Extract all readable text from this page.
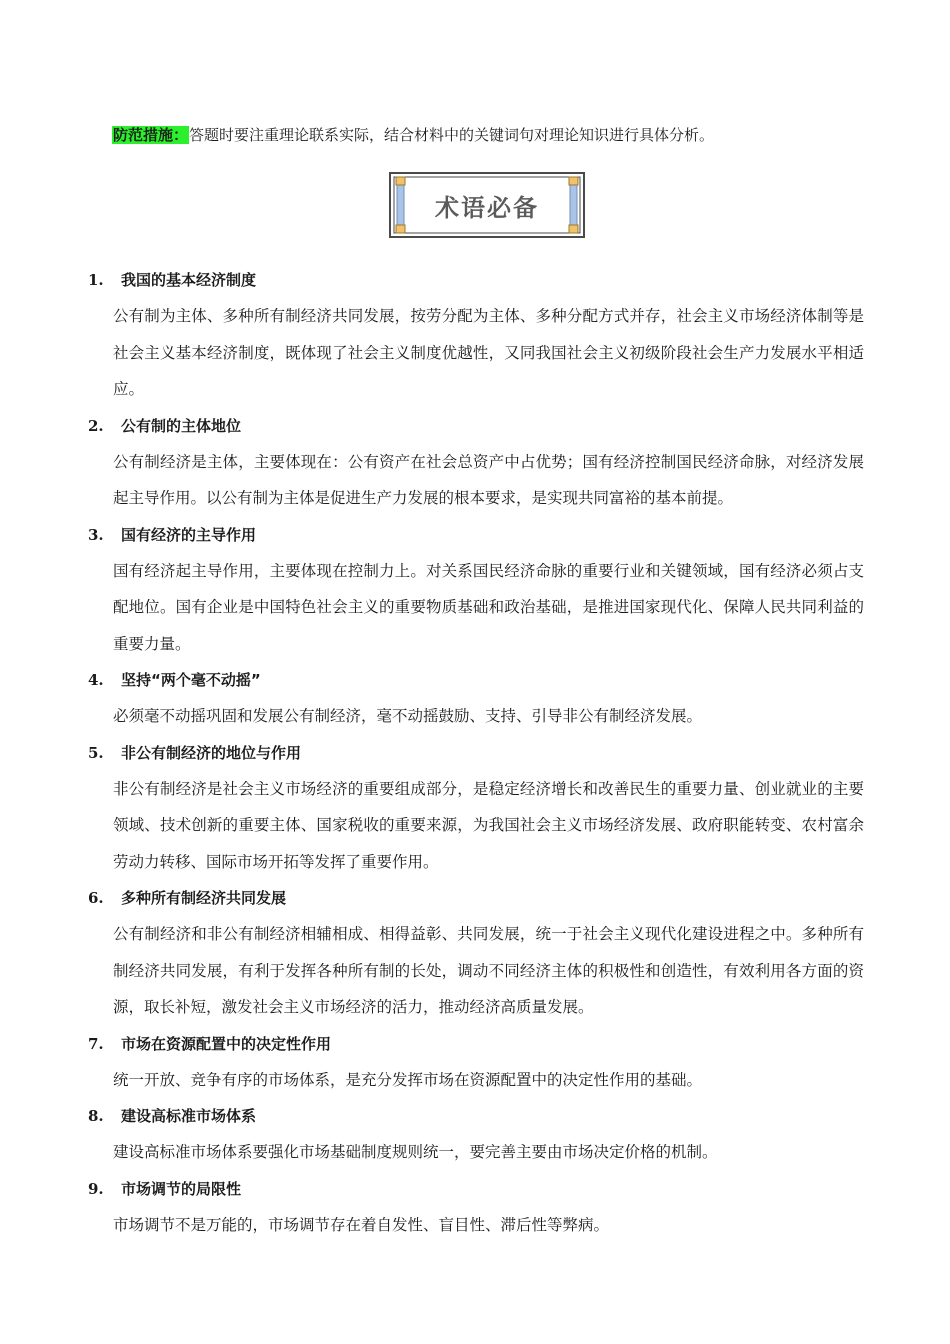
防范措施：答题时要注重理论联系实际，结合材料中的关键词句对理论知识进行具体分析。
术语必备
1. 我国的基本经济制度

公有制为主体、多种所有制经济共同发展，按劳分配为主体、多种分配方式并存，社会主义市场经济体制等是社会主义基本经济制度，既体现了社会主义制度优越性，又同我国社会主义初级阶段社会生产力发展水平相适应。

2. 公有制的主体地位

公有制经济是主体，主要体现在：公有资产在社会总资产中占优势；国有经济控制国民经济命脉，对经济发展起主导作用。以公有制为主体是促进生产力发展的根本要求，是实现共同富裕的基本前提。

3. 国有经济的主导作用

国有经济起主导作用，主要体现在控制力上。对关系国民经济命脉的重要行业和关键领域，国有经济必须占支配地位。国有企业是中国特色社会主义的重要物质基础和政治基础，是推进国家现代化、保障人民共同利益的重要力量。

4. 坚持“两个毫不动摇”

必须毫不动摇巩固和发展公有制经济，毫不动摇鼓励、支持、引导非公有制经济发展。

5. 非公有制经济的地位与作用

非公有制经济是社会主义市场经济的重要组成部分，是稳定经济增长和改善民生的重要力量、创业就业的主要领域、技术创新的重要主体、国家税收的重要来源，为我国社会主义市场经济发展、政府职能转变、农村富余劳动力转移、国际市场开拓等发挥了重要作用。

6. 多种所有制经济共同发展

公有制经济和非公有制经济相辅相成、相得益彰、共同发展，统一于社会主义现代化建设进程之中。多种所有制经济共同发展，有利于发挥各种所有制的长处，调动不同经济主体的积极性和创造性，有效利用各方面的资源，取长补短，激发社会主义市场经济的活力，推动经济高质量发展。

7. 市场在资源配置中的决定性作用

统一开放、竞争有序的市场体系，是充分发挥市场在资源配置中的决定性作用的基础。

8. 建设高标准市场体系

建设高标准市场体系要强化市场基础制度规则统一，要完善主要由市场决定价格的机制。

9. 市场调节的局限性

市场调节不是万能的，市场调节存在着自发性、盲目性、滞后性等弊病。
